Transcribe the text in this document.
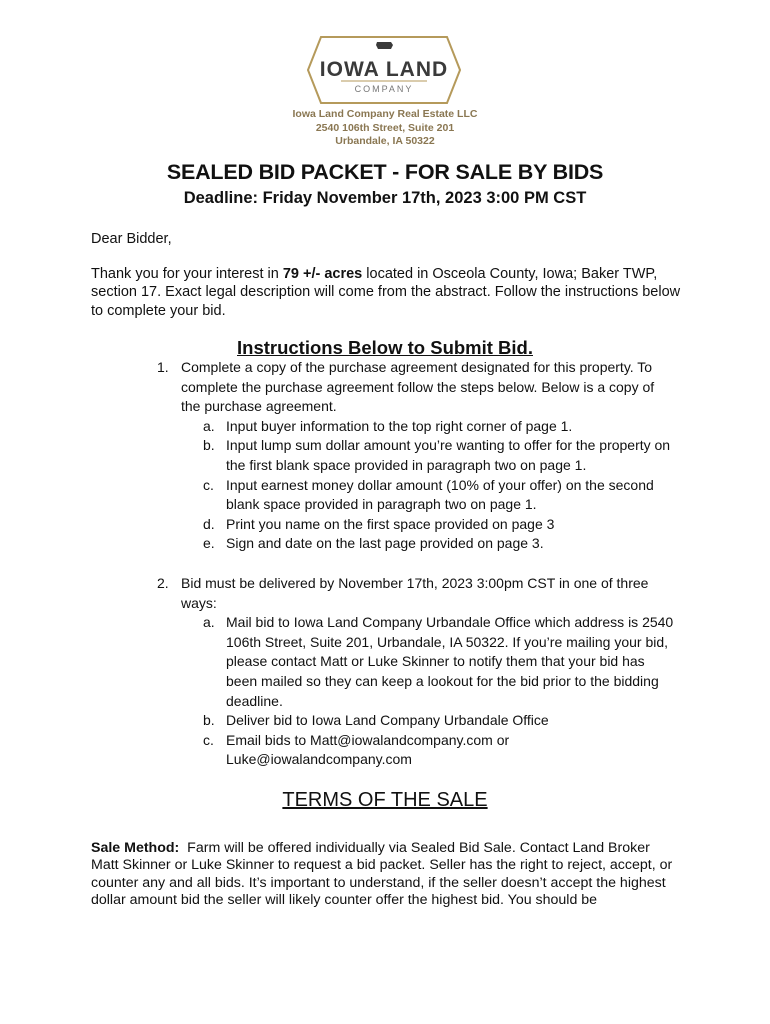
IOWA LAND
COMPANY
Iowa Land Company Real Estate LLC
2540 106th Street, Suite 201
Urbandale, IA 50322
SEALED BID PACKET - FOR SALE BY BIDS
Deadline: Friday November 17th, 2023 3:00 PM CST
Dear Bidder,
Thank you for your interest in 79 +/- acres located in Osceola County, Iowa; Baker TWP, section 17. Exact legal description will come from the abstract. Follow the instructions below to complete your bid.
Instructions Below to Submit Bid.
1. Complete a copy of the purchase agreement designated for this property. To complete the purchase agreement follow the steps below. Below is a copy of the purchase agreement.
a. Input buyer information to the top right corner of page 1.
b. Input lump sum dollar amount you’re wanting to offer for the property on the first blank space provided in paragraph two on page 1.
c. Input earnest money dollar amount (10% of your offer) on the second blank space provided in paragraph two on page 1.
d. Print you name on the first space provided on page 3
e. Sign and date on the last page provided on page 3.
2. Bid must be delivered by November 17th, 2023 3:00pm CST in one of three ways:
a. Mail bid to Iowa Land Company Urbandale Office which address is 2540 106th Street, Suite 201, Urbandale, IA 50322. If you’re mailing your bid, please contact Matt or Luke Skinner to notify them that your bid has been mailed so they can keep a lookout for the bid prior to the bidding deadline.
b. Deliver bid to Iowa Land Company Urbandale Office
c. Email bids to Matt@iowalandcompany.com or Luke@iowalandcompany.com
TERMS OF THE SALE
Sale Method:  Farm will be offered individually via Sealed Bid Sale. Contact Land Broker Matt Skinner or Luke Skinner to request a bid packet. Seller has the right to reject, accept, or counter any and all bids. It’s important to understand, if the seller doesn’t accept the highest dollar amount bid the seller will likely counter offer the highest bid. You should be
